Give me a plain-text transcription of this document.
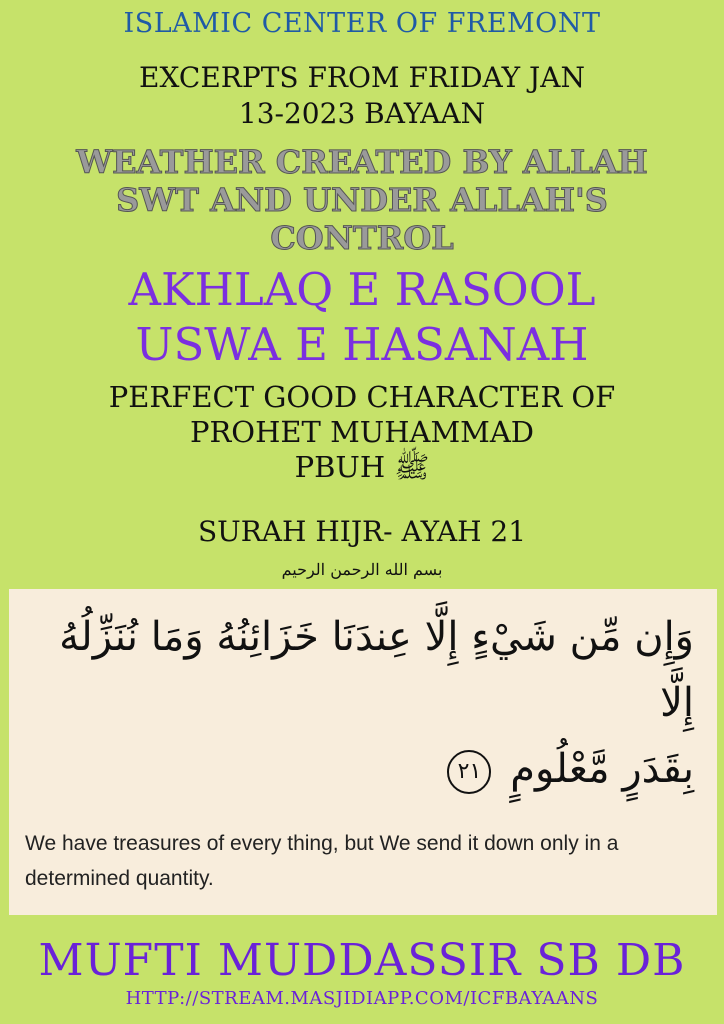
ISLAMIC CENTER OF FREMONT
EXCERPTS FROM FRIDAY JAN
13-2023 BAYAAN
WEATHER CREATED BY ALLAH
SWT AND UNDER ALLAH'S
CONTROL
AKHLAQ E RASOOL
USWA E HASANAH
PERFECT GOOD CHARACTER OF
PROHET MUHAMMAD
PBUH ﷺ
SURAH HIJR- AYAH 21
بسم الله الرحمن الرحيم
وَإِن مِّن شَيْءٍ إِلَّا عِندَنَا خَزَائِنُهُ وَمَا نُنَزِّلُهُ إِلَّا
بِقَدَرٍ مَّعْلُومٍ ٢١
We have treasures of every thing, but We send it down only in a determined quantity.
MUFTI MUDDASSIR SB DB
HTTP://STREAM.MASJIDIAPP.COM/ICFBAYAANS
